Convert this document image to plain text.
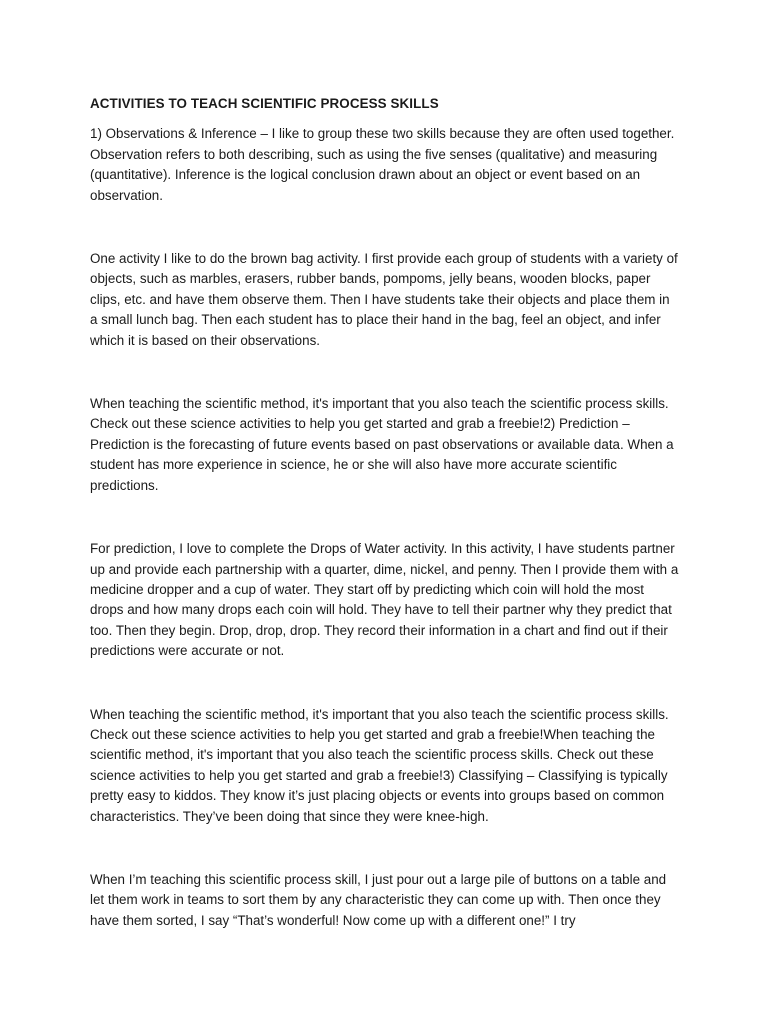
ACTIVITIES TO TEACH SCIENTIFIC PROCESS SKILLS

1) Observations & Inference – I like to group these two skills because they are often used together. Observation refers to both describing, such as using the five senses (qualitative) and measuring (quantitative). Inference is the logical conclusion drawn about an object or event based on an observation.

One activity I like to do the brown bag activity. I first provide each group of students with a variety of objects, such as marbles, erasers, rubber bands, pompoms, jelly beans, wooden blocks, paper clips, etc. and have them observe them. Then I have students take their objects and place them in a small lunch bag. Then each student has to place their hand in the bag, feel an object, and infer which it is based on their observations.

When teaching the scientific method, it's important that you also teach the scientific process skills. Check out these science activities to help you get started and grab a freebie!2) Prediction – Prediction is the forecasting of future events based on past observations or available data. When a student has more experience in science, he or she will also have more accurate scientific predictions.

For prediction, I love to complete the Drops of Water activity. In this activity, I have students partner up and provide each partnership with a quarter, dime, nickel, and penny. Then I provide them with a medicine dropper and a cup of water. They start off by predicting which coin will hold the most drops and how many drops each coin will hold. They have to tell their partner why they predict that too. Then they begin. Drop, drop, drop. They record their information in a chart and find out if their predictions were accurate or not.

When teaching the scientific method, it's important that you also teach the scientific process skills. Check out these science activities to help you get started and grab a freebie!When teaching the scientific method, it's important that you also teach the scientific process skills. Check out these science activities to help you get started and grab a freebie!3) Classifying – Classifying is typically pretty easy to kiddos. They know it’s just placing objects or events into groups based on common characteristics. They’ve been doing that since they were knee-high.

When I’m teaching this scientific process skill, I just pour out a large pile of buttons on a table and let them work in teams to sort them by any characteristic they can come up with. Then once they have them sorted, I say “That’s wonderful! Now come up with a different one!” I try
